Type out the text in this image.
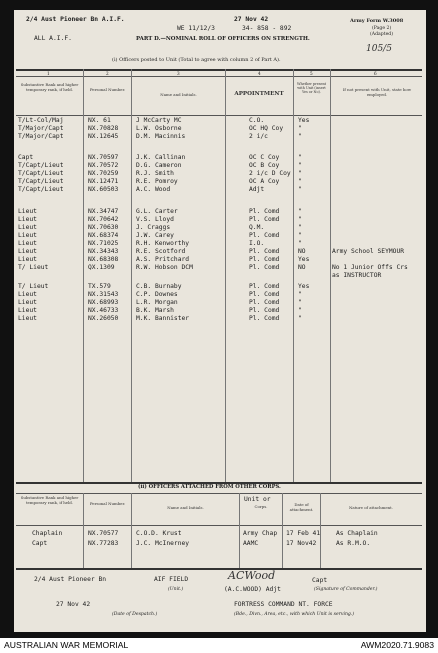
2/4 Aust Pioneer Bn A.I.F.	27 Nov 42	Army Form W.3008
(Page 2)
(Adapted)
WE 11/12/3	34- 858 - 892
ALL A.I.F.	PART D.—NOMINAL ROLL OF OFFICERS ON STRENGTH.
105/5
(i) Officers posted to Unit (Total to agree with column 2 of Part A).
1	2	3	4	5	6
Substantive Rank and higher temporary rank, if held.	Personal Number.
Name and Initials.	APPOINTMENT
Whether present with Unit (insert Yes or No).	If not present with Unit, state how employed.
T/Lt-Col/Maj	NX. 61	J McCarty MC	C.O.	Yes
T/Major/Capt	NX.70828	L.W. Osborne	OC HQ Coy "
T/Major/Capt	NX.12645	D.M. Macinnis	2 i/c	"
Capt	NX.70597	J.K. Callinan	OC C Coy	"
T/Capt/Lieut	NX.70572	D.G. Cameron	OC B Coy	"
T/Capt/Lieut	NX.70259	R.J. Smith	2 i/c D Coy "
T/Capt/Lieut	NX.12471	R.E. Pomroy	OC A Coy	"
T/Capt/Lieut	NX.60503	A.C. Wood	Adjt	"
Lieut	NX.34747	G.L. Carter	Pl. Comd	"
Lieut	NX.70642	V.S. Lloyd	Pl. Comd	"
Lieut	NX.70630	J. Craggs	Q.M.	"
Lieut	NX.68374	J.W. Carey	Pl. Comd	"
Lieut	NX.71025	R.H. Kenworthy	I.O.	"
Lieut	NX.34343	R.E. Scotford	Pl. Comd	NO	Army School SEYMOUR
Lieut	NX.68308	A.S. Pritchard	Pl. Comd	Yes
T/ Lieut	QX.1309	R.W. Hobson DCM	Pl. Comd	NO	No 1 Junior Offs Crs
as INSTRUCTOR
T/ Lieut	TX.579	C.B. Burnaby	Pl. Comd	Yes
Lieut	NX.31543	C.P. Downes	Pl. Comd	"
Lieut	NX.68993	L.R. Morgan	Pl. Comd	"
Lieut	NX.46733	B.K. Marsh	Pl. Comd	"
Lieut	NX.26050	M.K. Bannister	Pl. Comd	"
(ii) OFFICERS ATTACHED FROM OTHER CORPS.
Substantive Rank and higher temporary rank, if held.	Personal Number.
Name and Initials.
Unit or
Corps.	Date of attachment.	Nature of attachment.
Chaplain	NX.70577	C.O.D. Krust	Army Chap 17 Feb 41	As Chaplain
Capt	NX.77283	J.C. McInerney	AAMC	17 Nov42	As R.M.O.
2/4 Aust Pioneer Bn	AIF FIELD
(Unit.)
ACWood
(A.C.WOOD) Adjt
Capt
(Signature of Commander.)
27 Nov 42
(Date of Despatch.)
FORTRESS COMMAND NT. FORCE
(Bde., Divn., Area, etc., with which Unit is serving.)
AUSTRALIAN WAR MEMORIAL	AWM2020.71.9083
